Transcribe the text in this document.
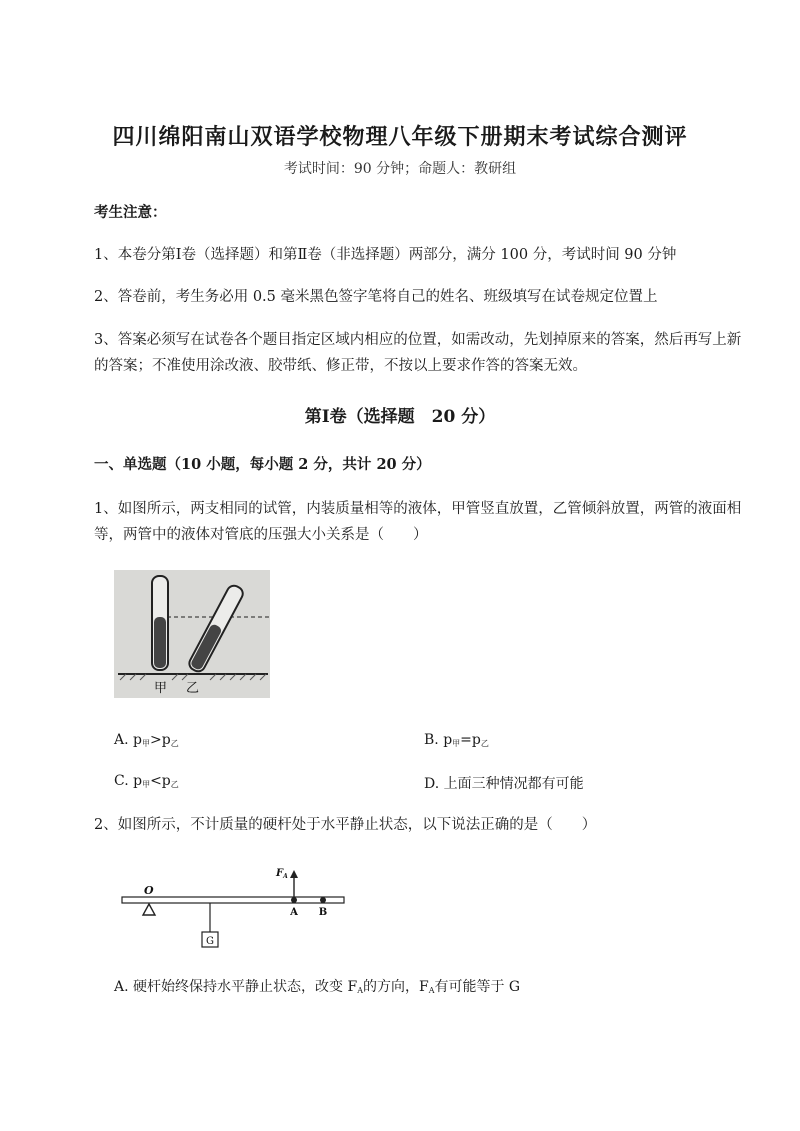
四川绵阳南山双语学校物理八年级下册期末考试综合测评
考试时间：90 分钟；命题人：教研组
考生注意：
1、本卷分第Ⅰ卷（选择题）和第Ⅱ卷（非选择题）两部分，满分 100 分，考试时间 90 分钟
2、答卷前，考生务必用 0.5 毫米黑色签字笔将自己的姓名、班级填写在试卷规定位置上
3、答案必须写在试卷各个题目指定区域内相应的位置，如需改动，先划掉原来的答案，然后再写上新
的答案；不准使用涂改液、胶带纸、修正带，不按以上要求作答的答案无效。
第Ⅰ卷（选择题　20 分）
一、单选题（10 小题，每小题 2 分，共计 20 分）
1、如图所示，两支相同的试管，内装质量相等的液体，甲管竖直放置，乙管倾斜放置，两管的液面相
等，两管中的液体对管底的压强大小关系是（　　）
甲 乙
A. $p_甲>p_乙$	B. $p_甲=p_乙$
C. $p_甲<p_乙$	D. 上面三种情况都有可能
2、如图所示，不计质量的硬杆处于水平静止状态，以下说法正确的是（　　）
O
G
$F_A$
A B
A. 硬杆始终保持水平静止状态，改变 $F_A$的方向，$F_A$有可能等于 G
